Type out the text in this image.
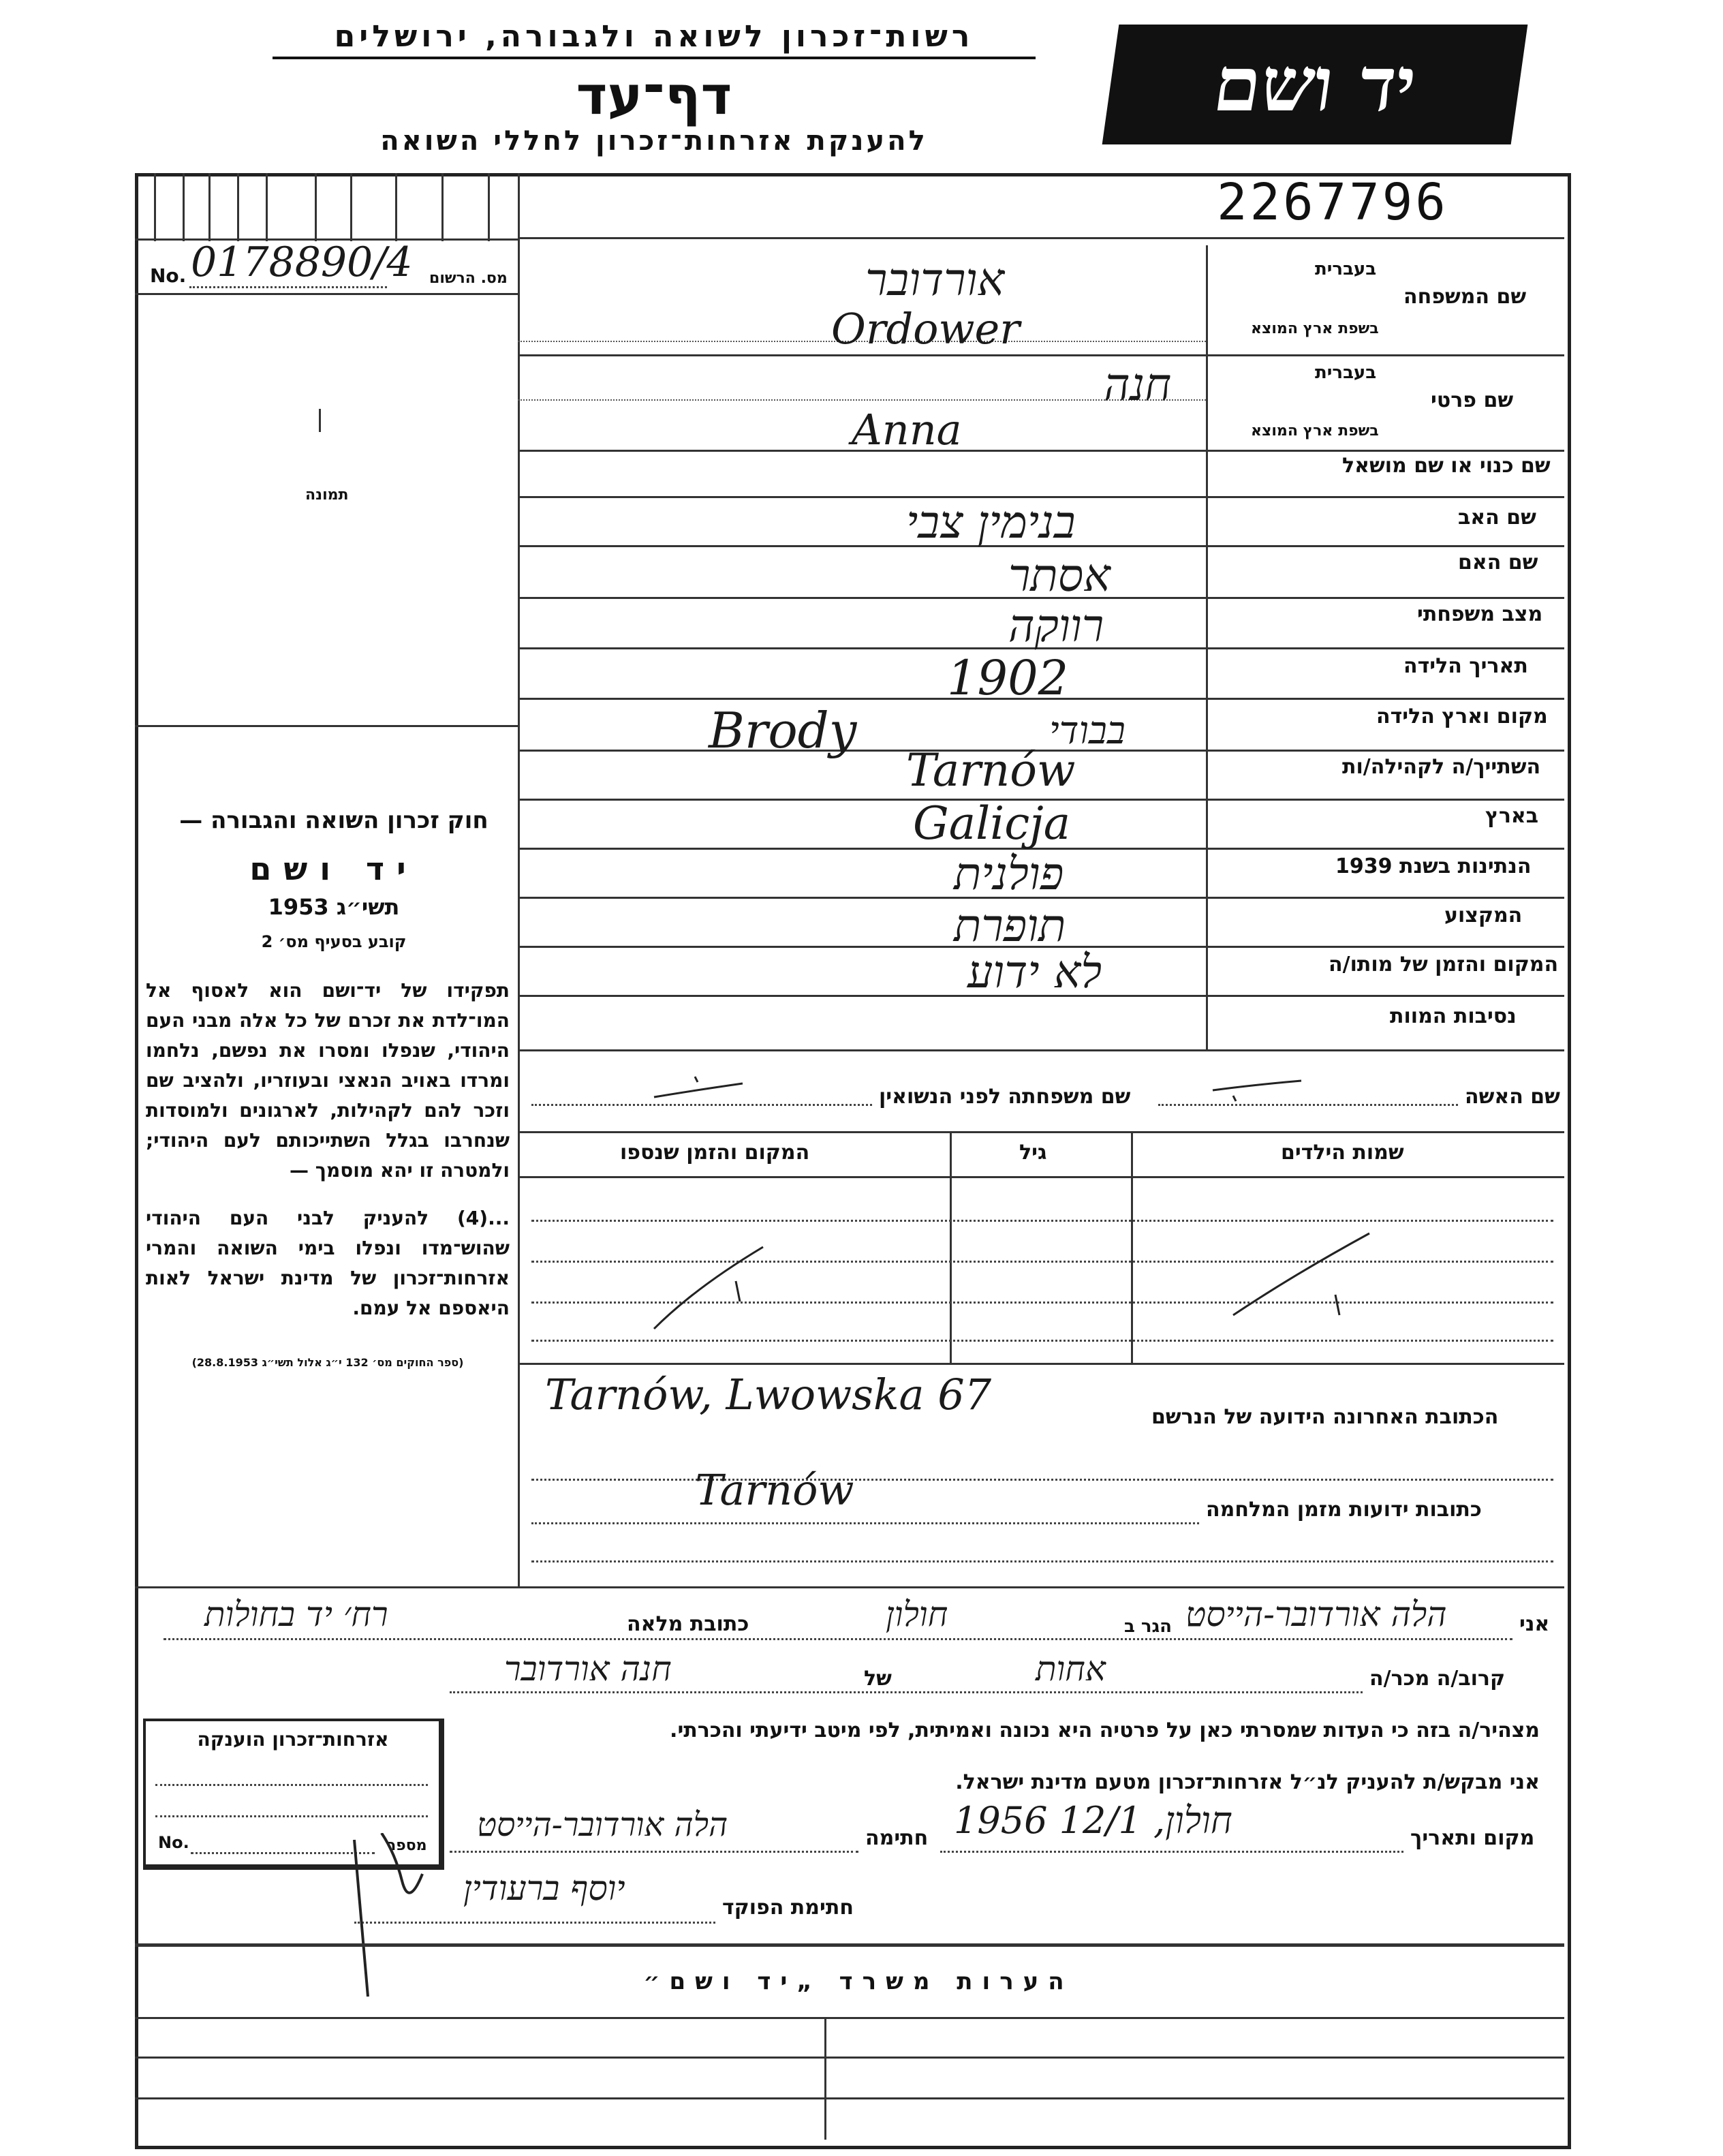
רשות־זכרון לשואה ולגבורה, ירושלים
דף־עד
להענקת אזרחות־זכרון לחללי השואה
יד ושם
2267796
No. 0178890/4 מס. הרשום
תמונה
חוק זכרון השואה והגבורה —
יד ושם
תשי״ג 1953
קובע בסעיף מס׳ 2
תפקידו של יד־ושם הוא לאסוף אל המו־לדת את זכרם של כל אלה מבני העם היהודי, שנפלו ומסרו את נפשם, נלחמו ומרדו באויב הנאצי ובעוזריו, ולהציב שם וזכר להם לקהילות, לארגונים ולמוסדות שנחרבו בגלל השתייכותם לעם היהודי; ולמטרה זו יהא מוסמך —
...(4) להעניק לבני העם היהודי שהוש־מדו ונפלו בימי השואה והמרי אזרחות־זכרון של מדינת ישראל לאות היאספם אל עמם.
(ספר החוקים מס׳ 132 י״ג אלול תשי״ג 28.8.1953)
שם המשפחה
בעברית
בשפת ארץ המוצא
אורדובר
Ordower
שם פרטי
בעברית
בשפת ארץ המוצא
חנה
Anna
שם כנוי או שם מושאל
שם האב
בנימין צבי
שם האם
אסתר
מצב משפחתי
רווקה
תאריך הלידה
1902
מקום וארץ הלידה
Brody	בבודי
השתייך/ה לקהילה/ות
Tarnów
בארץ
Galicja
הנתינות בשנת 1939
פולנית
המקצוע
תופרת
המקום והזמן של מותו/ה
לא ידוע
נסיבות המוות
שם האשה
שם משפחתה לפני הנשואין
שמות הילדים
גיל
המקום והזמן שנספו
הכתובת האחרונה הידועה של הנרשם
Tarnów, Lwowska 67
כתובות ידועות מזמן המלחמה
Tarnów
אני
הלה אורדובר-הייסט
הגר ב
חולון
כתובת מלאה
רח׳ יד בחולות
קרוב/ה מכר/ה
אחות
של
חנה אורדובר
מצהיר/ה בזה כי העדות שמסרתי כאן על פרטיה היא נכונה ואמיתית, לפי מיטב ידיעתי והכרתי.
אני מבקש/ת להעניק לנ״ל אזרחות־זכרון מטעם מדינת ישראל.
מקום ותאריך
חולון, 12/1 1956
חתימה
הלה אורדובר-הייסט
אזרחות־זכרון הוענקה
No.	מספר
חתימת הפוקד
יוסף ברעודין
הערות משרד „יד ושם״
